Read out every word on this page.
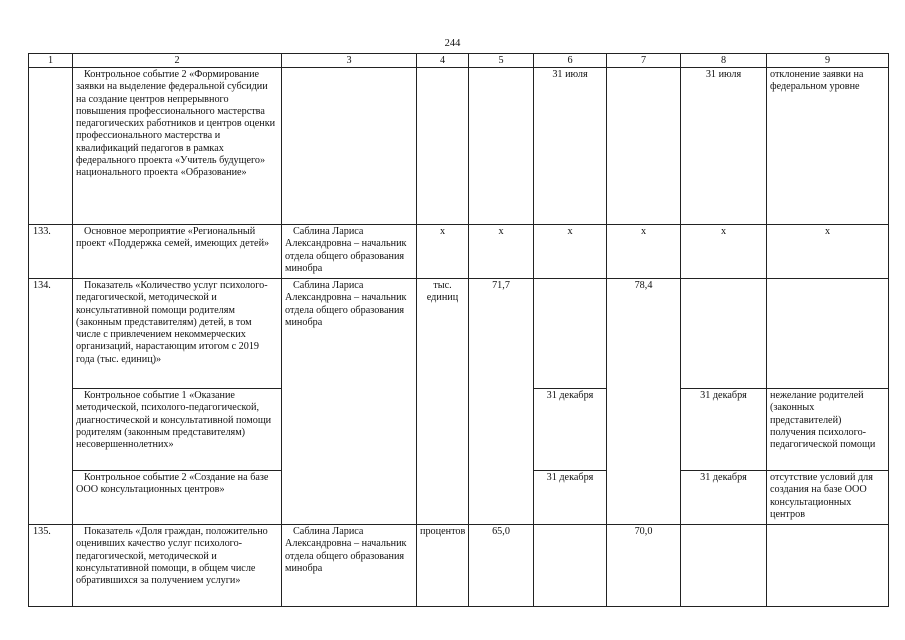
244
1	2	3	4	5	6	7	8	9
	Контрольное событие 2 «Формирование заявки на выделение федеральной субсидии на создание центров непрерывного повышения профессионального мастерства педагогических работников и центров оценки профессионального мастерства и квалификаций педагогов в рамках федерального проекта «Учитель будущего» национального проекта «Образование»				31 июля		31 июля	отклонение заявки на федеральном уровне
133.	Основное мероприятие «Региональный проект «Поддержка семей, имеющих детей»	Саблина Лариса Александровна – начальник отдела общего образования минобра	х	х	х	х	х	х
134.	Показатель «Количество услуг психолого-педагогической, методической и консультативной помощи родителям (законным представителям) детей, в том числе с привлечением некоммерческих организаций, нарастающим итогом с 2019 года (тыс. единиц)»	Саблина Лариса Александровна – начальник отдела общего образования минобра	тыс. единиц	71,7		78,4		
	Контрольное событие 1 «Оказание методической, психолого-педагогической, диагностической и консультативной помощи родителям (законным представителям) несовершеннолетних»				31 декабря		31 декабря	нежелание родителей (законных представителей) получения психолого-педагогической помощи
	Контрольное событие 2 «Создание на базе ООО консультационных центров»				31 декабря		31 декабря	отсутствие условий для создания на базе ООО консультационных центров
135.	Показатель «Доля граждан, положительно оценивших качество услуг психолого-педагогической, методической и консультативной помощи, в общем числе обратившихся за получением услуги»	Саблина Лариса Александровна – начальник отдела общего образования минобра	процентов	65,0		70,0		
